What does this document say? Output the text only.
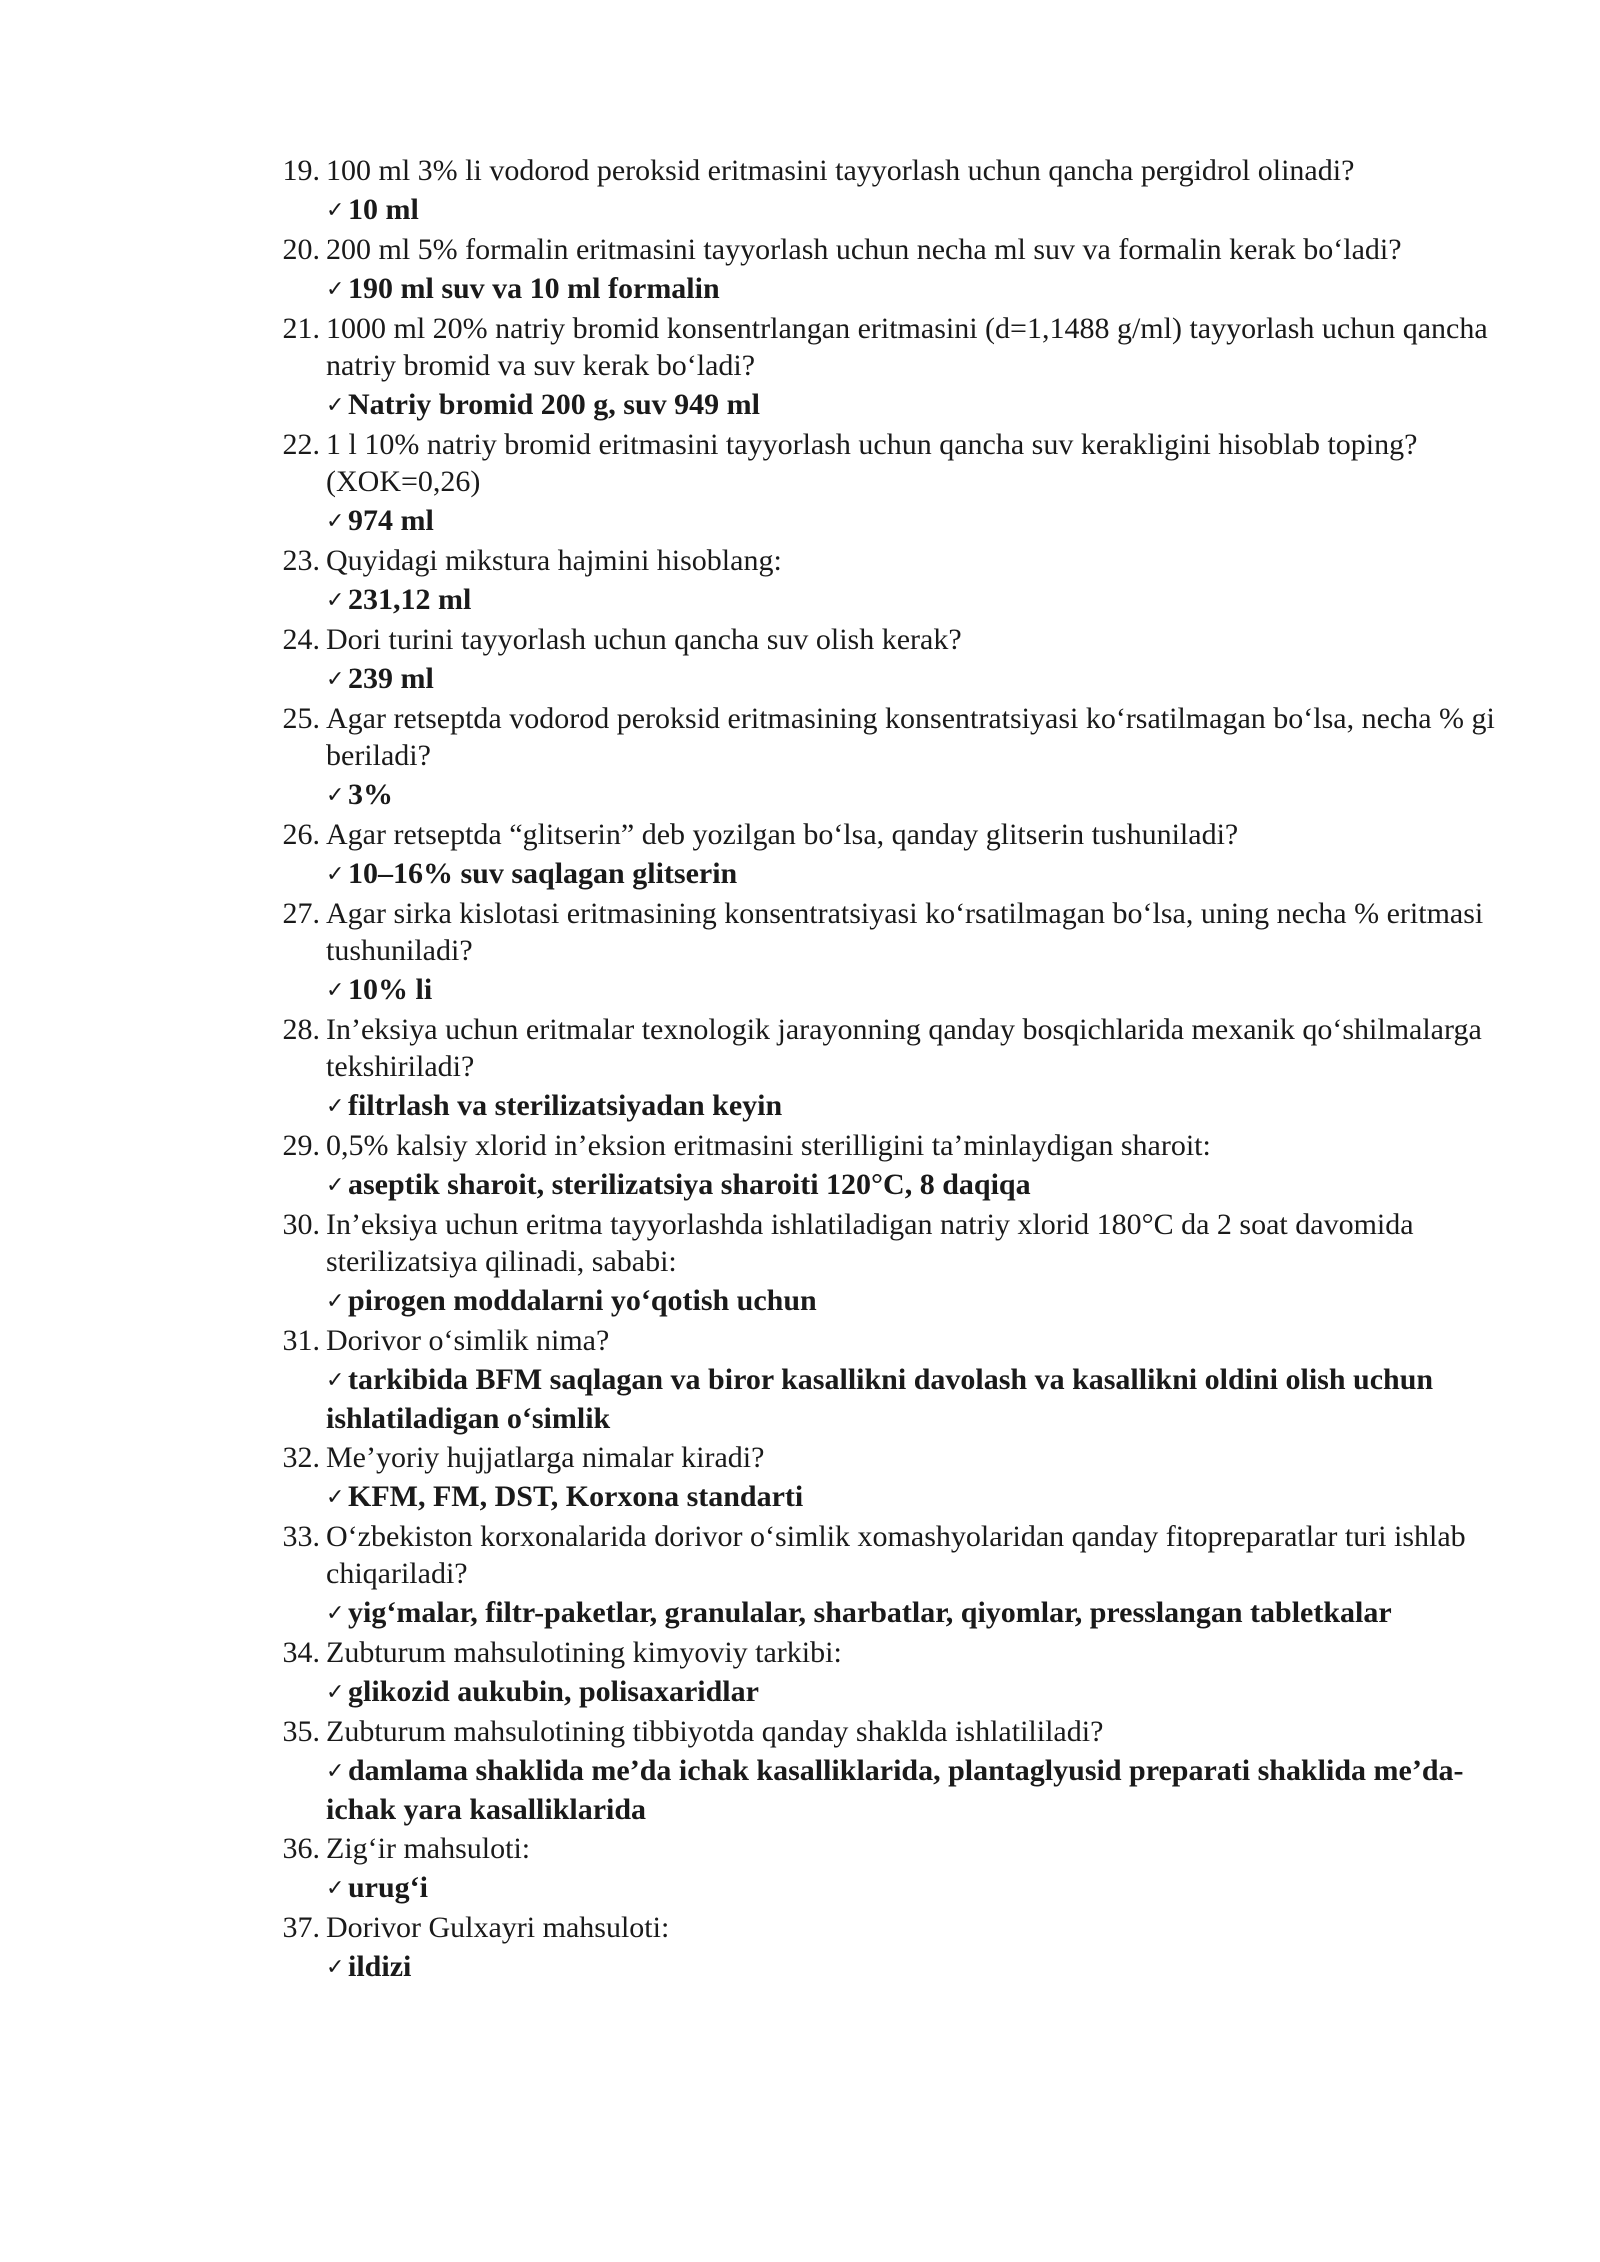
19. 100 ml 3% li vodorod peroksid eritmasini tayyorlash uchun qancha pergidrol olinadi?

✓ 10 ml

20. 200 ml 5% formalin eritmasini tayyorlash uchun necha ml suv va formalin kerak bo‘ladi?

✓ 190 ml suv va 10 ml formalin

21. 1000 ml 20% natriy bromid konsentrlangan eritmasini (d=1,1488 g/ml) tayyorlash uchun qancha natriy bromid va suv kerak bo‘ladi?

✓ Natriy bromid 200 g, suv 949 ml

22. 1 l 10% natriy bromid eritmasini tayyorlash uchun qancha suv kerakligini hisoblab toping? (XOK=0,26)

✓ 974 ml

23. Quyidagi mikstura hajmini hisoblang:

✓ 231,12 ml

24. Dori turini tayyorlash uchun qancha suv olish kerak?

✓ 239 ml

25. Agar retseptda vodorod peroksid eritmasining konsentratsiyasi ko‘rsatilmagan bo‘lsa, necha % gi beriladi?

✓ 3%

26. Agar retseptda “glitserin” deb yozilgan bo‘lsa, qanday glitserin tushuniladi?

✓ 10–16% suv saqlagan glitserin

27. Agar sirka kislotasi eritmasining konsentratsiyasi ko‘rsatilmagan bo‘lsa, uning necha % eritmasi tushuniladi?

✓ 10% li

28. In’eksiya uchun eritmalar texnologik jarayonning qanday bosqichlarida mexanik qo‘shilmalarga tekshiriladi?

✓ filtrlash va sterilizatsiyadan keyin

29. 0,5% kalsiy xlorid in’eksion eritmasini sterilligini ta’minlaydigan sharoit:

✓ aseptik sharoit, sterilizatsiya sharoiti 120°C, 8 daqiqa

30. In’eksiya uchun eritma tayyorlashda ishlatiladigan natriy xlorid 180°C da 2 soat davomida sterilizatsiya qilinadi, sababi:

✓ pirogen moddalarni yo‘qotish uchun

31. Dorivor o‘simlik nima?

✓ tarkibida BFM saqlagan va biror kasallikni davolash va kasallikni oldini olish uchun ishlatiladigan o‘simlik

32. Me’yoriy hujjatlarga nimalar kiradi?

✓ KFM, FM, DST, Korxona standarti

33. O‘zbekiston korxonalarida dorivor o‘simlik xomashyolaridan qanday fitopreparatlar turi ishlab chiqariladi?

✓ yig‘malar, filtr-paketlar, granulalar, sharbatlar, qiyomlar, presslangan tabletkalar

34. Zubturum mahsulotining kimyoviy tarkibi:

✓ glikozid aukubin, polisaxaridlar

35. Zubturum mahsulotining tibbiyotda qanday shaklda ishlatililadi?

✓ damlama shaklida me’da ichak kasalliklarida, plantaglyusid preparati shaklida me’da-ichak yara kasalliklarida

36. Zig‘ir mahsuloti:

✓ urug‘i

37. Dorivor Gulxayri mahsuloti:

✓ ildizi
